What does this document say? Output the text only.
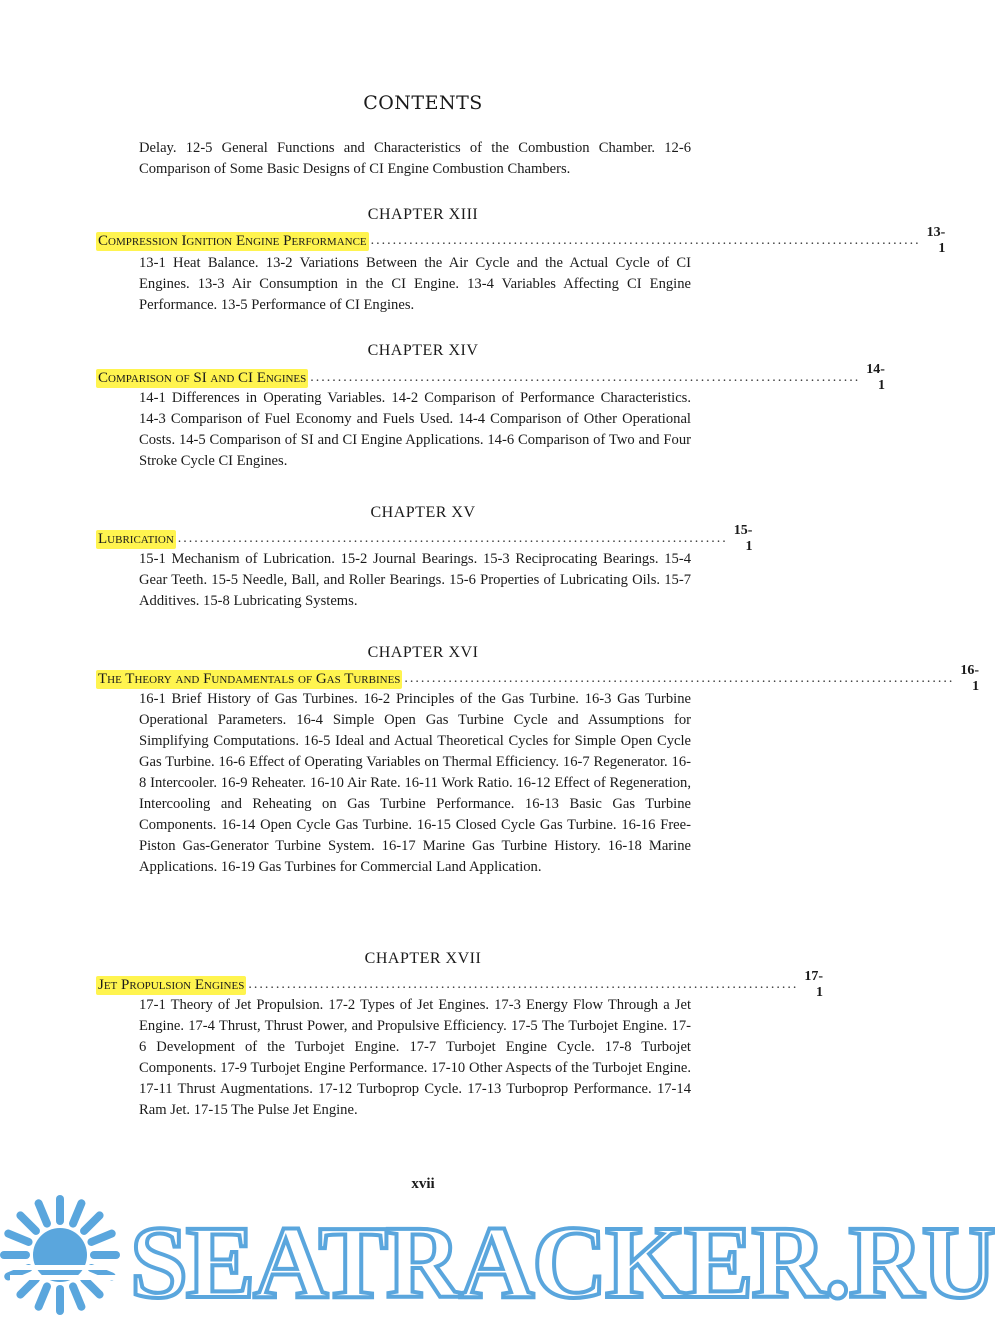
CONTENTS
Delay. 12-5 General Functions and Characteristics of the Combustion Chamber. 12-6 Comparison of Some Basic Designs of CI Engine Combustion Chambers.
CHAPTER XIII
Compression Ignition Engine Performance ....................................................................................................
13-1
13-1 Heat Balance. 13-2 Variations Between the Air Cycle and the Actual Cycle of CI Engines. 13-3 Air Consumption in the CI Engine. 13-4 Variables Affecting CI Engine Performance. 13-5 Performance of CI Engines.
CHAPTER XIV
Comparison of SI and CI Engines ....................................................................................................
14-1
14-1 Differences in Operating Variables. 14-2 Comparison of Performance Characteristics. 14-3 Comparison of Fuel Economy and Fuels Used. 14-4 Comparison of Other Operational Costs. 14-5 Comparison of SI and CI Engine Applications. 14-6 Comparison of Two and Four Stroke Cycle CI Engines.
CHAPTER XV
Lubrication ....................................................................................................
15-1
15-1 Mechanism of Lubrication. 15-2 Journal Bearings. 15-3 Reciprocating Bearings. 15-4 Gear Teeth. 15-5 Needle, Ball, and Roller Bearings. 15-6 Properties of Lubricating Oils. 15-7 Additives. 15-8 Lubricating Systems.
CHAPTER XVI
The Theory and Fundamentals of Gas Turbines ....................................................................................................
16-1
16-1 Brief History of Gas Turbines. 16-2 Principles of the Gas Turbine. 16-3 Gas Turbine Operational Parameters. 16-4 Simple Open Gas Turbine Cycle and Assumptions for Simplifying Computations. 16-5 Ideal and Actual Theoretical Cycles for Simple Open Cycle Gas Turbine. 16-6 Effect of Operating Variables on Thermal Efficiency. 16-7 Regenerator. 16-8 Intercooler. 16-9 Reheater. 16-10 Air Rate. 16-11 Work Ratio. 16-12 Effect of Regeneration, Intercooling and Reheating on Gas Turbine Performance. 16-13 Basic Gas Turbine Components. 16-14 Open Cycle Gas Turbine. 16-15 Closed Cycle Gas Turbine. 16-16 Free-Piston Gas-Generator Turbine System. 16-17 Marine Gas Turbine History. 16-18 Marine Applications. 16-19 Gas Turbines for Commercial Land Application.
CHAPTER XVII
Jet Propulsion Engines ....................................................................................................
17-1
17-1 Theory of Jet Propulsion. 17-2 Types of Jet Engines. 17-3 Energy Flow Through a Jet Engine. 17-4 Thrust, Thrust Power, and Propulsive Efficiency. 17-5 The Turbojet Engine. 17-6 Development of the Turbojet Engine. 17-7 Turbojet Engine Cycle. 17-8 Turbojet Components. 17-9 Turbojet Engine Performance. 17-10 Other Aspects of the Turbojet Engine. 17-11 Thrust Augmentations. 17-12 Turboprop Cycle. 17-13 Turboprop Performance. 17-14 Ram Jet. 17-15 The Pulse Jet Engine.
xvii
SEATRACKER.RU
